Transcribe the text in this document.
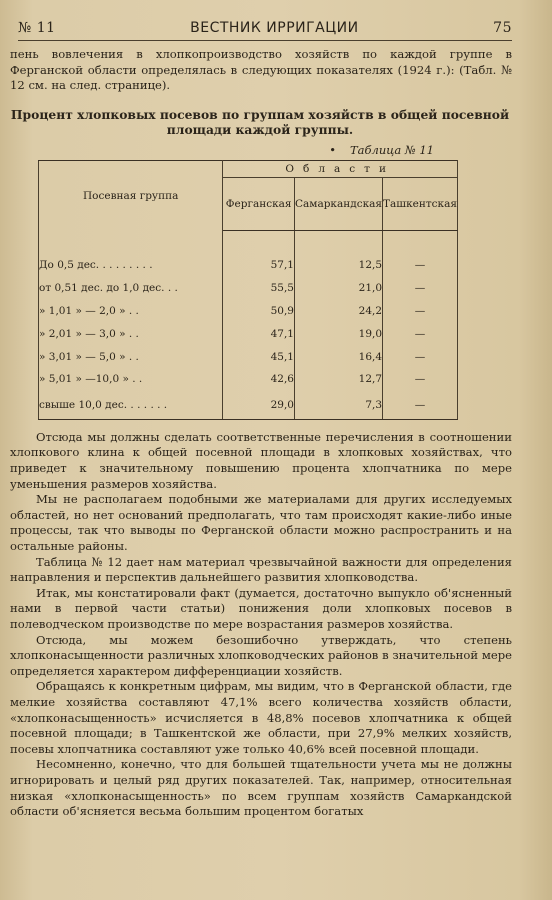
№ 11	ВЕСТНИК ИРРИГАЦИИ	75

пень вовлечения в хлопкопроизводство хозяйств по каждой группе в Ферганской области определялась в следующих показателях (1924 г.): (Табл. № 12 см. на след. странице).

Процент хлопковых посевов по группам хозяйств в общей посевной площади каждой группы.

• Таблица № 11
Посевная группа	Области		
	Ферганская	Самаркандская	Ташкентская

До 0,5 дес. . . . . . . . .	57,1	12,5	—
от 0,51 дес. до 1,0 дес. . .	55,5	21,0	—
» 1,01 » — 2,0 » . .	50,9	24,2	—
» 2,01 » — 3,0 » . .	47,1	19,0	—
» 3,01 » — 5,0 » . .	45,1	16,4	—
» 5,01 » —10,0 » . .	42,6	12,7	—
свыше 10,0 дес. . . . . . .	29,0	7,3	—

Отсюда мы должны сделать соответственные перечисления в соотношении хлопкового клина к общей посевной площади в хлопковых хозяйствах, что приведет к значительному повышению процента хлопчатника по мере уменьшения размеров хозяйства.

Мы не располагаем подобными же материалами для других исследуемых областей, но нет оснований предполагать, что там происходят какие-либо иные процессы, так что выводы по Ферганской области можно распространить и на остальные районы.

Таблица № 12 дает нам материал чрезвычайной важности для определения направления и перспектив дальнейшего развития хлопководства.

Итак, мы констатировали факт (думается, достаточно выпукло об'ясненный нами в первой части статьи) понижения доли хлопковых посевов в полеводческом производстве по мере возрастания размеров хозяйства.

Отсюда, мы можем безошибочно утверждать, что степень хлопконасыщенности различных хлопководческих районов в значительной мере определяется характером дифференциации хозяйств.

Обращаясь к конкретным цифрам, мы видим, что в Ферганской области, где мелкие хозяйства составляют 47,1% всего количества хозяйств области, «хлопконасыщенность» исчисляется в 48,8% посевов хлопчатника к общей посевной площади; в Ташкентской же области, при 27,9% мелких хозяйств, посевы хлопчатника составляют уже только 40,6% всей посевной площади.

Несомненно, конечно, что для большей тщательности учета мы не должны игнорировать и целый ряд других показателей. Так, например, относительная низкая «хлопконасыщенность» по всем группам хозяйств Самаркандской области об'ясняется весьма большим процентом богатых
